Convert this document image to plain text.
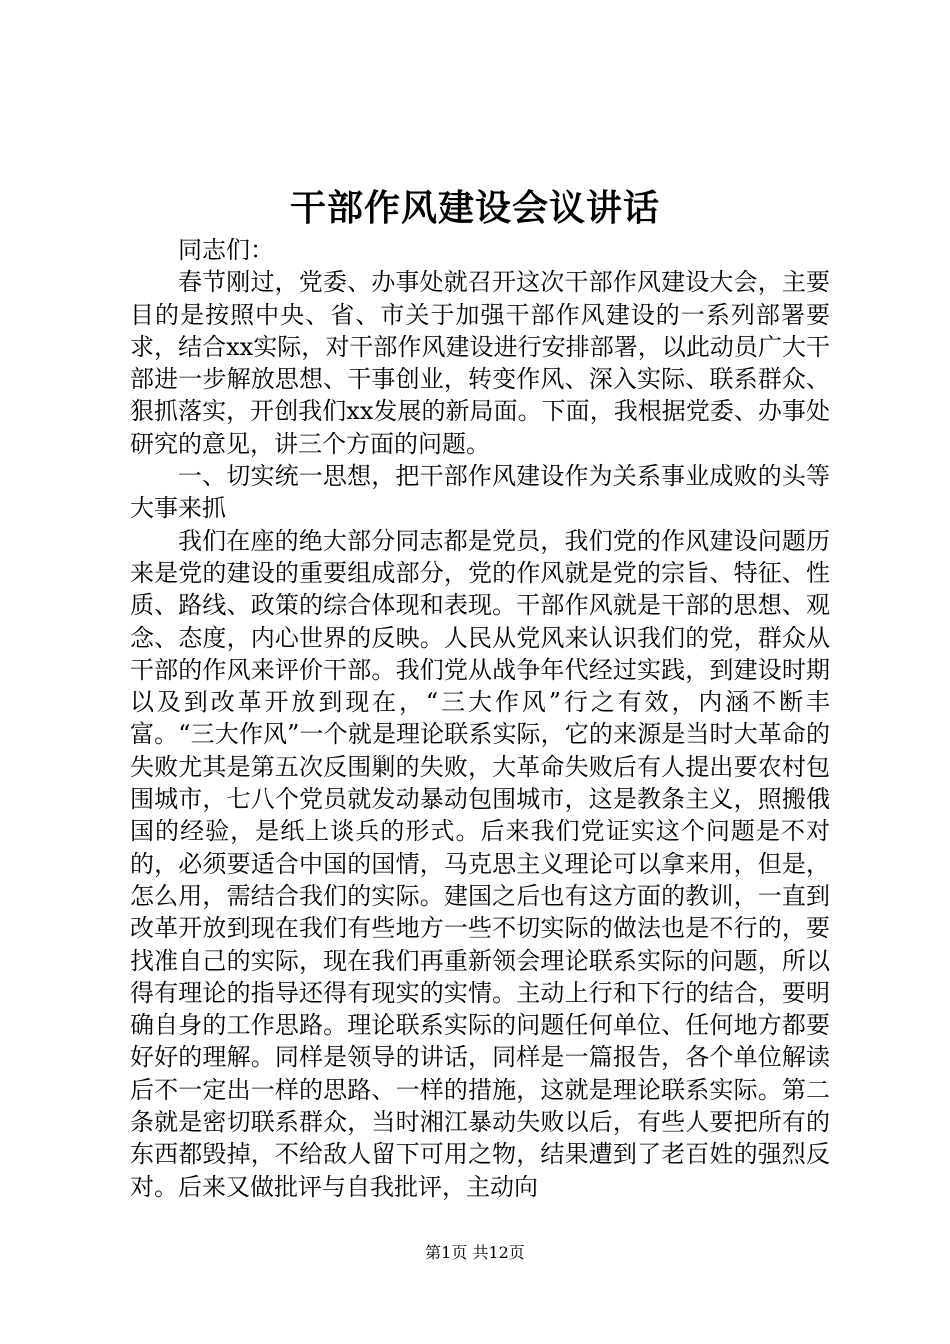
干部作风建设会议讲话

同志们：

春节刚过，党委、办事处就召开这次干部作风建设大会，主要目的是按照中央、省、市关于加强干部作风建设的一系列部署要求，结合xx实际，对干部作风建设进行安排部署，以此动员广大干部进一步解放思想、干事创业，转变作风、深入实际、联系群众、狠抓落实，开创我们xx发展的新局面。下面，我根据党委、办事处研究的意见，讲三个方面的问题。

一、切实统一思想，把干部作风建设作为关系事业成败的头等大事来抓

我们在座的绝大部分同志都是党员，我们党的作风建设问题历来是党的建设的重要组成部分，党的作风就是党的宗旨、特征、性质、路线、政策的综合体现和表现。干部作风就是干部的思想、观念、态度，内心世界的反映。人民从党风来认识我们的党，群众从干部的作风来评价干部。我们党从战争年代经过实践，到建设时期以及到改革开放到现在，“三大作风”行之有效，内涵不断丰富。“三大作风”一个就是理论联系实际，它的来源是当时大革命的失败尤其是第五次反围剿的失败，大革命失败后有人提出要农村包围城市，七八个党员就发动暴动包围城市，这是教条主义，照搬俄国的经验，是纸上谈兵的形式。后来我们党证实这个问题是不对的，必须要适合中国的国情，马克思主义理论可以拿来用，但是，怎么用，需结合我们的实际。建国之后也有这方面的教训，一直到改革开放到现在我们有些地方一些不切实际的做法也是不行的，要找准自己的实际，现在我们再重新领会理论联系实际的问题，所以得有理论的指导还得有现实的实情。主动上行和下行的结合，要明确自身的工作思路。理论联系实际的问题任何单位、任何地方都要好好的理解。同样是领导的讲话，同样是一篇报告，各个单位解读后不一定出一样的思路、一样的措施，这就是理论联系实际。第二条就是密切联系群众，当时湘江暴动失败以后，有些人要把所有的东西都毁掉，不给敌人留下可用之物，结果遭到了老百姓的强烈反对。后来又做批评与自我批评，主动向

第1页 共12页
